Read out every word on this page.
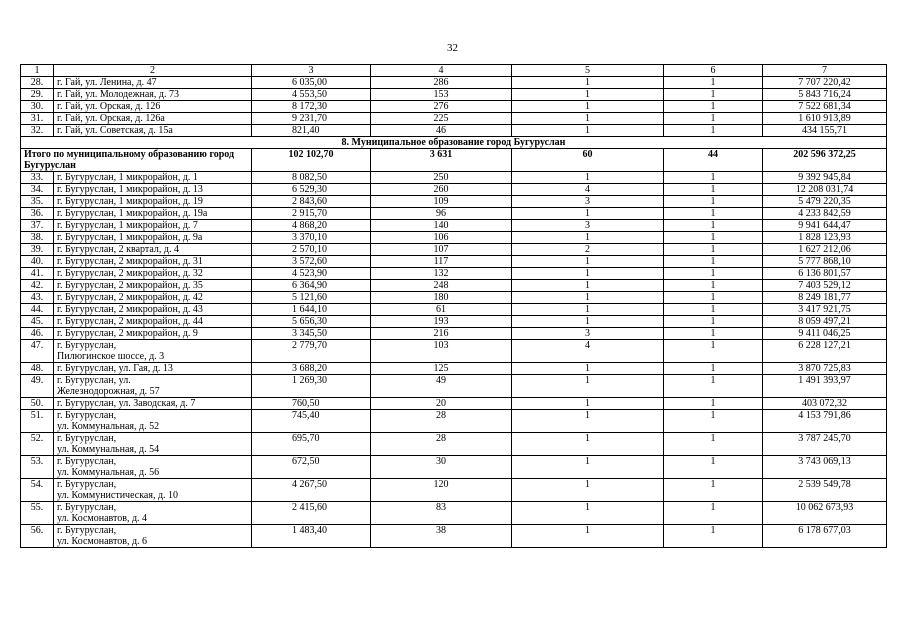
32
1	2	3	4	5	6	7
28.	г. Гай, ул. Ленина, д. 47	6 035,00	286	1	1	7 707 220,42
29.	г. Гай, ул. Молодежная, д. 73	4 553,50	153	1	1	5 843 716,24
30.	г. Гай, ул. Орская, д. 126	8 172,30	276	1	1	7 522 681,34
31.	г. Гай, ул. Орская, д. 126а	9 231,70	225	1	1	1 610 913,89
32.	г. Гай, ул. Советская, д. 15а	821,40	46	1	1	434 155,71
8. Муниципальное образование город Бугуруслан						
Итого по муниципальному образованию город Бугуруслан		102 102,70	3 631	60	44	202 596 372,25
33.	г. Бугуруслан, 1 микрорайон, д. 1	8 082,50	250	1	1	9 392 945,84
34.	г. Бугуруслан, 1 микрорайон, д. 13	6 529,30	260	4	1	12 208 031,74
35.	г. Бугуруслан, 1 микрорайон, д. 19	2 843,60	109	3	1	5 479 220,35
36.	г. Бугуруслан, 1 микрорайон, д. 19а	2 915,70	96	1	1	4 233 842,59
37.	г. Бугуруслан, 1 микрорайон, д. 7	4 868,20	140	3	1	9 941 644,47
38.	г. Бугуруслан, 1 микрорайон, д. 9а	3 370,10	106	1	1	1 828 123,93
39.	г. Бугуруслан, 2 квартал, д. 4	2 570,10	107	2	1	1 627 212,06
40.	г. Бугуруслан, 2 микрорайон, д. 31	3 572,60	117	1	1	5 777 868,10
41.	г. Бугуруслан, 2 микрорайон, д. 32	4 523,90	132	1	1	6 136 801,57
42.	г. Бугуруслан, 2 микрорайон, д. 35	6 364,90	248	1	1	7 403 529,12
43.	г. Бугуруслан, 2 микрорайон, д. 42	5 121,60	180	1	1	8 249 181,77
44.	г. Бугуруслан, 2 микрорайон, д. 43	1 644,10	61	1	1	3 417 921,75
45.	г. Бугуруслан, 2 микрорайон, д. 44	5 656,30	193	1	1	8 059 497,21
46.	г. Бугуруслан, 2 микрорайон, д. 9	3 345,50	216	3	1	9 411 046,25
47.	г. Бугуруслан,
Пилюгинское шоссе, д. 3	2 779,70	103	4	1	6 228 127,21
48.	г. Бугуруслан, ул. Гая, д. 13	3 688,20	125	1	1	3 870 725,83
49.	г. Бугуруслан, ул.
Железнодорожная, д. 57	1 269,30	49	1	1	1 491 393,97
50.	г. Бугуруслан, ул. Заводская, д. 7	760,50	20	1	1	403 072,32
51.	г. Бугуруслан,
ул. Коммунальная, д. 52	745,40	28	1	1	4 153 791,86
52.	г. Бугуруслан,
ул. Коммунальная, д. 54	695,70	28	1	1	3 787 245,70
53.	г. Бугуруслан,
ул. Коммунальная, д. 56	672,50	30	1	1	3 743 069,13
54.	г. Бугуруслан,
ул. Коммунистическая, д. 10	4 267,50	120	1	1	2 539 549,78
55.	г. Бугуруслан,
ул. Космонавтов, д. 4	2 415,60	83	1	1	10 062 673,93
56.	г. Бугуруслан,
ул. Космонавтов, д. 6	1 483,40	38	1	1	6 178 677,03
